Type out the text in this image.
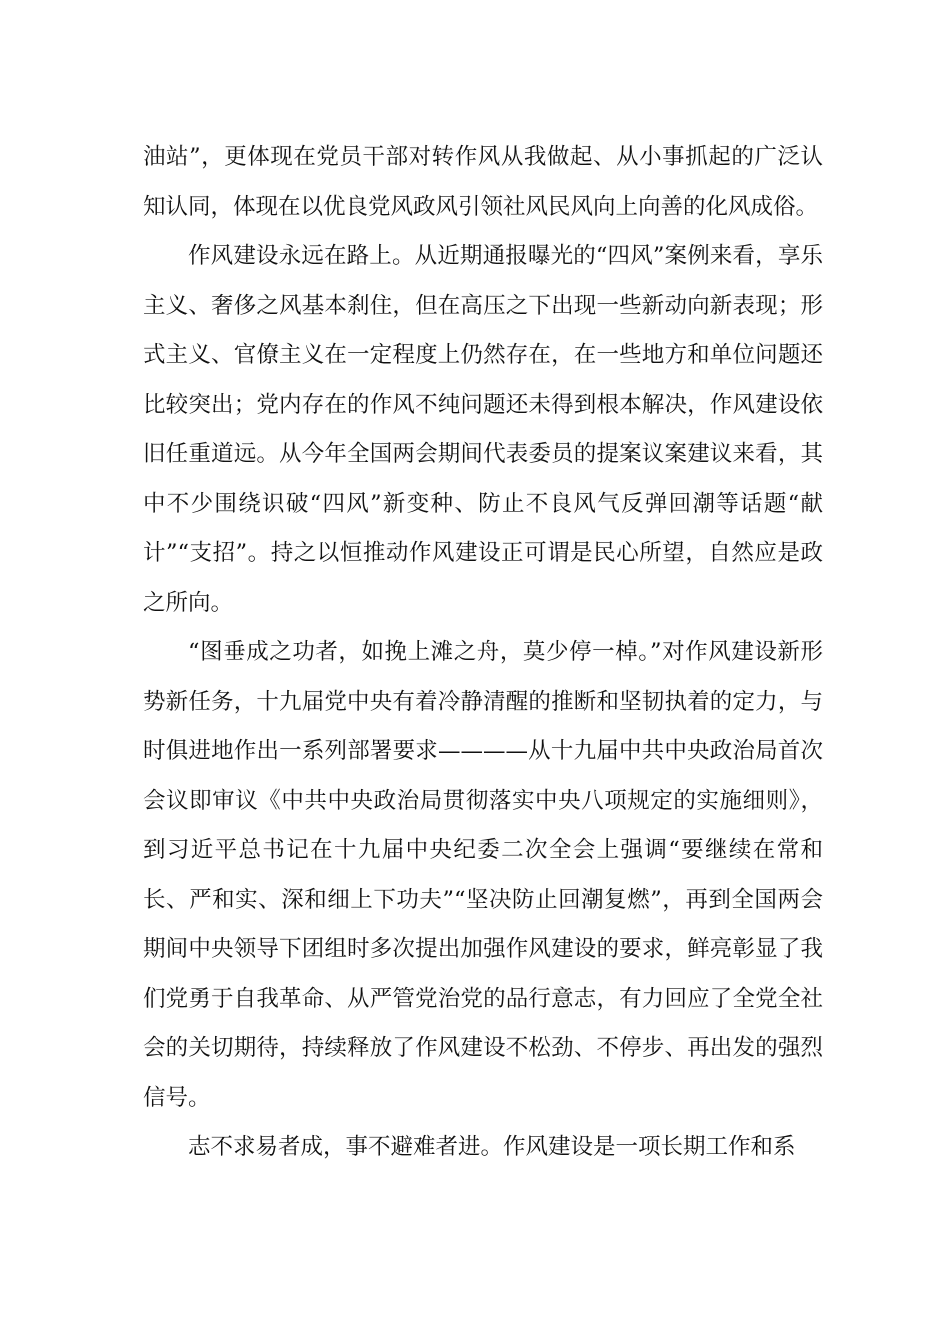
油站”，更体现在党员干部对转作风从我做起、从小事抓起的广泛认知认同，体现在以优良党风政风引领社风民风向上向善的化风成俗。

作风建设永远在路上。从近期通报曝光的“四风”案例来看，享乐主义、奢侈之风基本刹住，但在高压之下出现一些新动向新表现；形式主义、官僚主义在一定程度上仍然存在，在一些地方和单位问题还比较突出；党内存在的作风不纯问题还未得到根本解决，作风建设依旧任重道远。从今年全国两会期间代表委员的提案议案建议来看，其中不少围绕识破“四风”新变种、防止不良风气反弹回潮等话题“献计”“支招”。持之以恒推动作风建设正可谓是民心所望，自然应是政之所向。

“图垂成之功者，如挽上滩之舟，莫少停一棹。”对作风建设新形势新任务，十九届党中央有着冷静清醒的推断和坚韧执着的定力，与时俱进地作出一系列部署要求————从十九届中共中央政治局首次会议即审议《中共中央政治局贯彻落实中央八项规定的实施细则》，到习近平总书记在十九届中央纪委二次全会上强调“要继续在常和长、严和实、深和细上下功夫”“坚决防止回潮复燃”，再到全国两会期间中央领导下团组时多次提出加强作风建设的要求，鲜亮彰显了我们党勇于自我革命、从严管党治党的品行意志，有力回应了全党全社会的关切期待，持续释放了作风建设不松劲、不停步、再出发的强烈信号。

志不求易者成，事不避难者进。作风建设是一项长期工作和系
